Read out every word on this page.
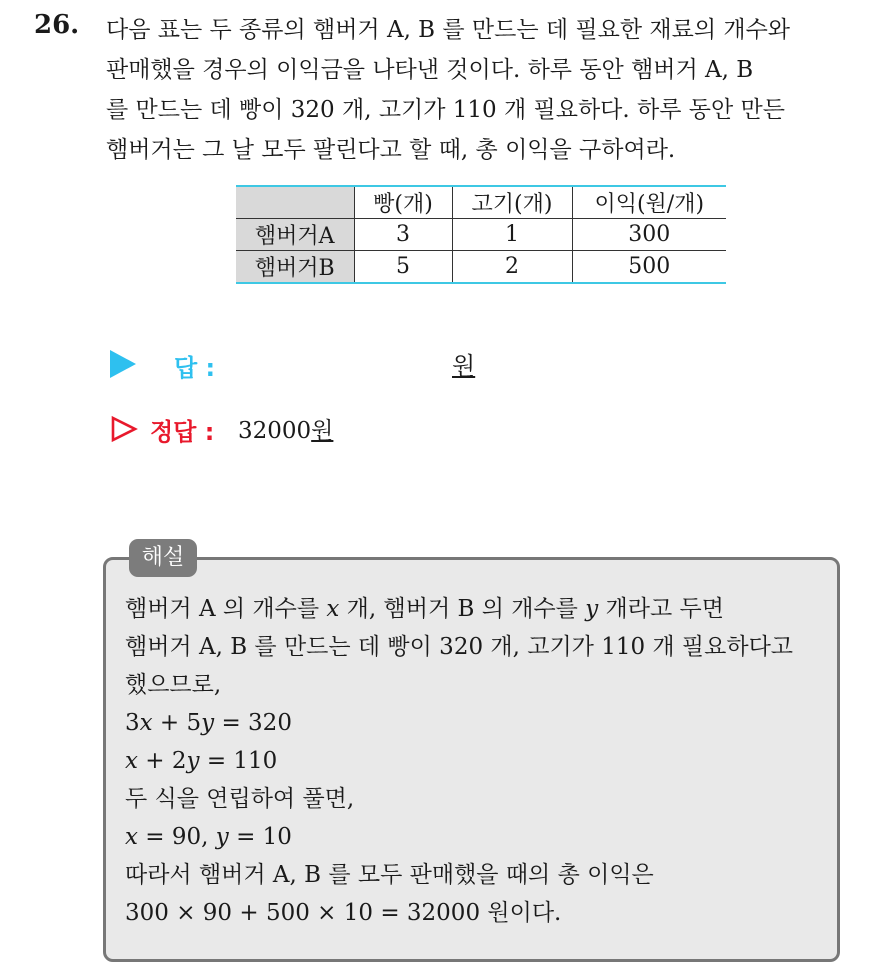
26. 다음 표는 두 종류의 햄버거 A, B 를 만드는 데 필요한 재료의 개수와
판매했을 경우의 이익금을 나타낸 것이다. 하루 동안 햄버거 A, B
를 만드는 데 빵이 320 개, 고기가 110 개 필요하다. 하루 동안 만든
햄버거는 그 날 모두 팔린다고 할 때, 총 이익을 구하여라.
	빵(개)	고기(개)	이익(원/개)
햄버거A	3	1	300
햄버거B	5	2	500
답 :	원
정답 : 32000원
해설
햄버거 A 의 개수를 x 개, 햄버거 B 의 개수를 y 개라고 두면
햄버거 A, B 를 만드는 데 빵이 320 개, 고기가 110 개 필요하다고
했으므로,
3x + 5y = 320
x + 2y = 110
두 식을 연립하여 풀면,
x = 90, y = 10
따라서 햄버거 A, B 를 모두 판매했을 때의 총 이익은
300 × 90 + 500 × 10 = 32000 원이다.
